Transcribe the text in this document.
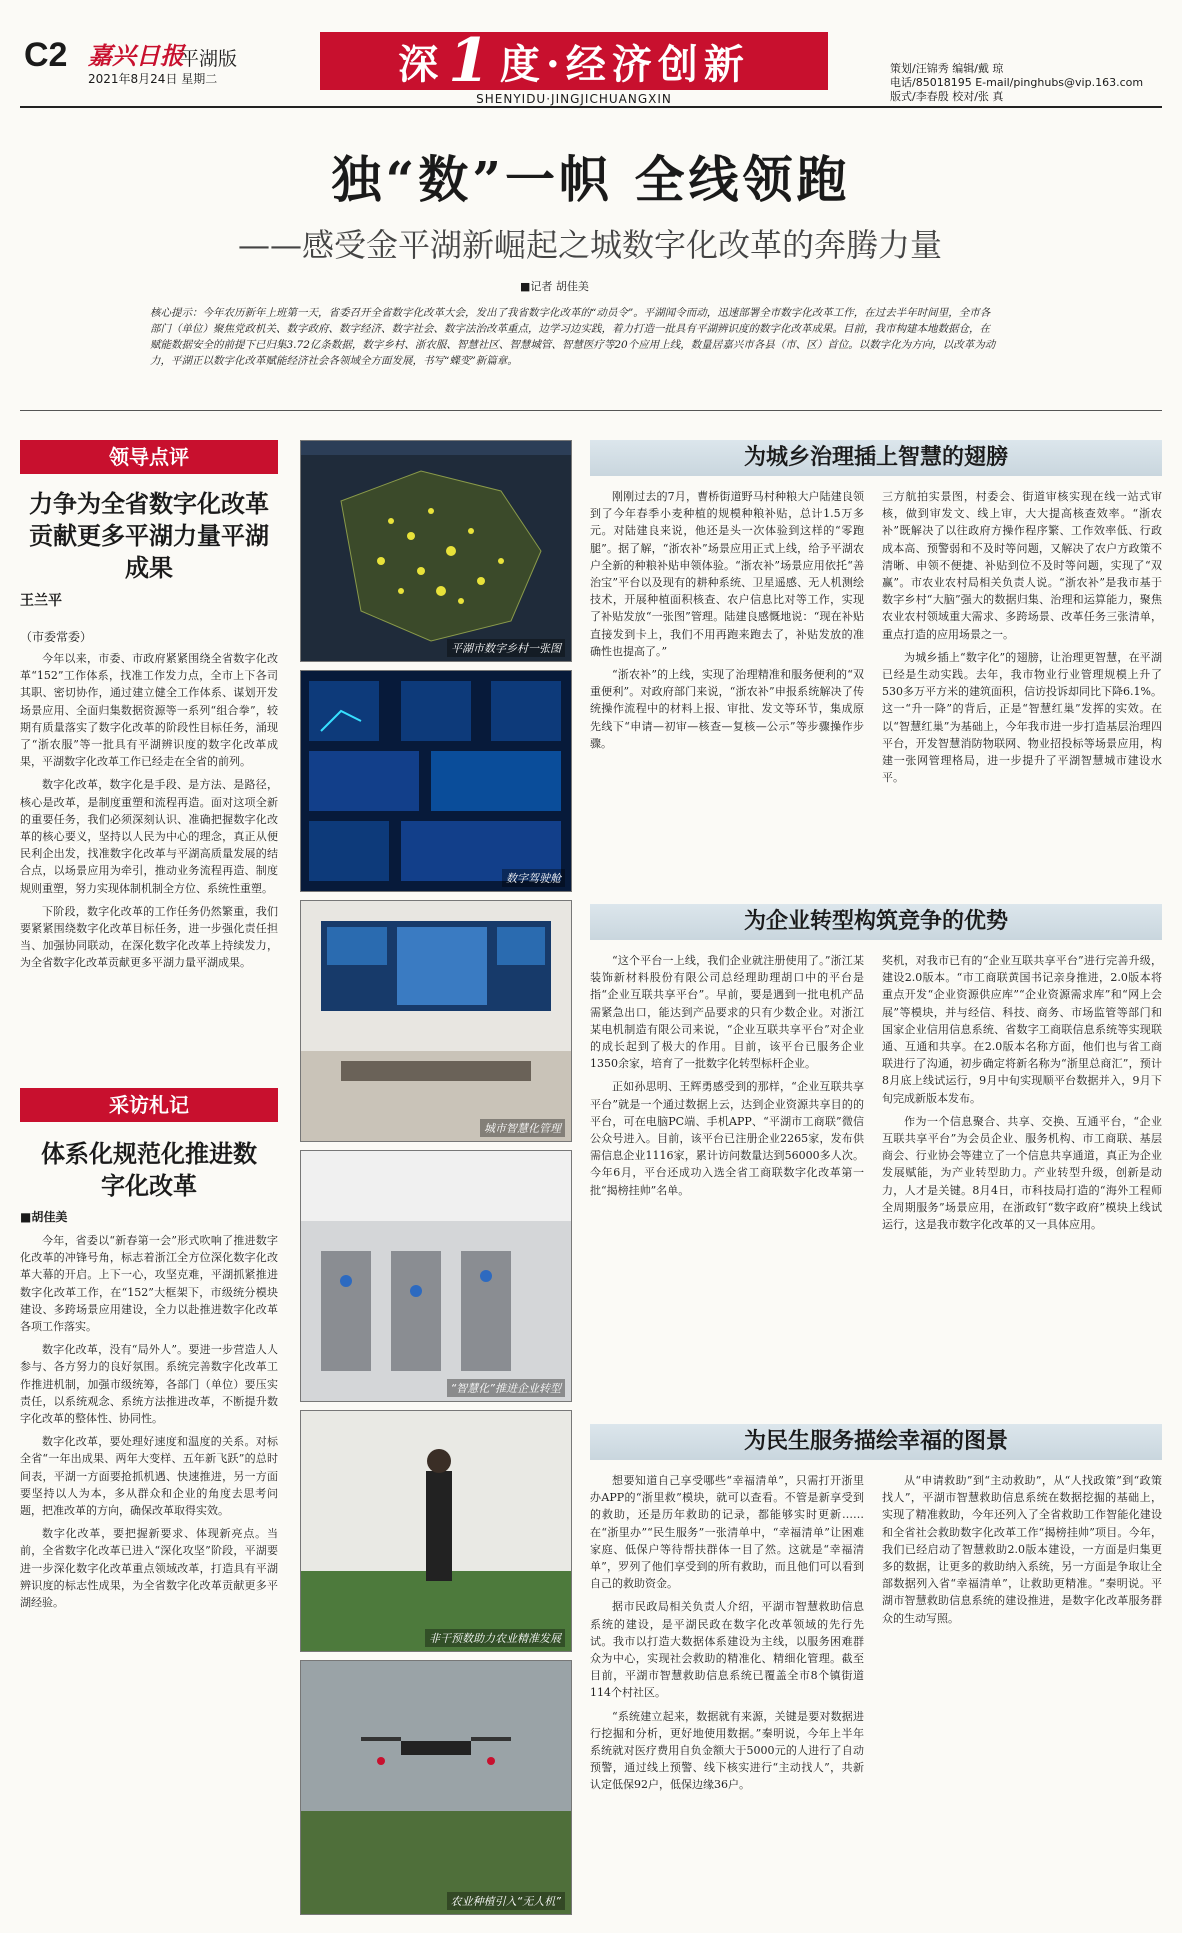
C2 嘉兴日报
平湖版
2021年8月24日 星期二	深 1 度·经济创新
SHENYIDU·JINGJICHUANGXIN
策划/汪锦秀 编辑/戴 琼
电话/85018195 E-mail/pinghubs@vip.163.com
版式/李春殷 校对/张 真
独“数”一帜 全线领跑
——感受金平湖新崛起之城数字化改革的奔腾力量
■记者 胡佳美
核心提示：今年农历新年上班第一天，省委召开全省数字化改革大会，发出了我省数字化改革的“动员令”。平湖闻令而动，迅速部署全市数字化改革工作，在过去半年时间里，全市各部门（单位）聚焦党政机关、数字政府、数字经济、数字社会、数字法治改革重点，边学习边实践，着力打造一批具有平湖辨识度的数字化改革成果。目前，我市构建本地数据仓，在赋能数据安全的前提下已归集3.72亿条数据，数字乡村、浙农服、智慧社区、智慧城管、智慧医疗等20个应用上线，数量居嘉兴市各县（市、区）首位。以数字化为方向，以改革为动力，平湖正以数字化改革赋能经济社会各领域全方面发展，书写“蝶变”新篇章。
领导点评
力争为全省数字化改革贡献更多平湖力量平湖成果
王兰平
（市委常委）

今年以来，市委、市政府紧紧围绕全省数字化改革“152”工作体系，找准工作发力点，全市上下各司其职、密切协作，通过建立健全工作体系、谋划开发场景应用、全面归集数据资源等一系列“组合拳”，较期有质量落实了数字化改革的阶段性目标任务，涌现了“浙农服”等一批具有平湖辨识度的数字化改革成果，平湖数字化改革工作已经走在全省的前列。

数字化改革，数字化是手段、是方法、是路径，核心是改革，是制度重塑和流程再造。面对这项全新的重要任务，我们必须深刻认识、准确把握数字化改革的核心要义，坚持以人民为中心的理念，真正从便民利企出发，找准数字化改革与平湖高质量发展的结合点，以场景应用为牵引，推动业务流程再造、制度规则重塑，努力实现体制机制全方位、系统性重塑。

下阶段，数字化改革的工作任务仍然繁重，我们要紧紧围绕数字化改革目标任务，进一步强化责任担当、加强协同联动，在深化数字化改革上持续发力，为全省数字化改革贡献更多平湖力量平湖成果。

采访札记
体系化规范化推进数字化改革
■胡佳美

今年，省委以“新春第一会”形式吹响了推进数字化改革的冲锋号角，标志着浙江全方位深化数字化改革大幕的开启。上下一心，攻坚克难，平湖抓紧推进数字化改革工作，在“152”大框架下，市级统分模块建设、多跨场景应用建设，全力以赴推进数字化改革各项工作落实。

数字化改革，没有“局外人”。要进一步营造人人参与、各方努力的良好氛围。系统完善数字化改革工作推进机制，加强市级统筹，各部门（单位）要压实责任，以系统观念、系统方法推进改革，不断提升数字化改革的整体性、协同性。

数字化改革，要处理好速度和温度的关系。对标全省“一年出成果、两年大变样、五年新飞跃”的总时间表，平湖一方面要抢抓机遇、快速推进，另一方面要坚持以人为本，多从群众和企业的角度去思考问题，把准改革的方向，确保改革取得实效。

数字化改革，要把握新要求、体现新亮点。当前，全省数字化改革已进入“深化攻坚”阶段，平湖要进一步深化数字化改革重点领域改革，打造具有平湖辨识度的标志性成果，为全省数字化改革贡献更多平湖经验。

平湖市数字乡村一张图
数字驾驶舱
城市智慧化管理
“智慧化”推进企业转型
非干预数助力农业精准发展
农业种植引入“无人机”
为城乡治理插上智慧的翅膀

刚刚过去的7月，曹桥街道野马村种粮大户陆建良领到了今年春季小麦种植的规模种粮补贴，总计1.5万多元。对陆建良来说，他还是头一次体验到这样的“零跑腿”。据了解，“浙农补”场景应用正式上线，给予平湖农户全新的种粮补贴申领体验。“浙农补”场景应用依托“善治宝”平台以及现有的耕种系统、卫星遥感、无人机测绘技术，开展种植面积核查、农户信息比对等工作，实现了补贴发放“一张图”管理。陆建良感慨地说：“现在补贴直接发到卡上，我们不用再跑来跑去了，补贴发放的准确性也提高了。”

“浙农补”的上线，实现了治理精准和服务便利的“双重便利”。对政府部门来说，“浙农补”申报系统解决了传统操作流程中的材料上报、审批、发文等环节，集成原先线下“申请—初审—核查—复核—公示”等步骤操作步骤。

三方航拍实景图，村委会、街道审核实现在线一站式审核，做到审发文、线上审，大大提高核查效率。“浙农补”既解决了以往政府方操作程序繁、工作效率低、行政成本高、预警弱和不及时等问题，又解决了农户方政策不清晰、申领不便捷、补贴到位不及时等问题，实现了“双赢”。市农业农村局相关负责人说。“浙农补”是我市基于数字乡村“大脑”强大的数据归集、治理和运算能力，聚焦农业农村领域重大需求、多跨场景、改革任务三张清单，重点打造的应用场景之一。

为城乡插上“数字化”的翅膀，让治理更智慧，在平湖已经是生动实践。去年，我市物业行业管理规模上升了530多万平方米的建筑面积，信访投诉却同比下降6.1%。这一“升一降”的背后，正是“智慧红巢”发挥的实效。在以“智慧红巢”为基础上，今年我市进一步打造基层治理四平台，开发智慧消防物联网、物业招投标等场景应用，构建一张网管理格局，进一步提升了平湖智慧城市建设水平。

为企业转型构筑竞争的优势

“这个平台一上线，我们企业就注册使用了。”浙江某装饰新材料股份有限公司总经理助理胡口中的平台是指“企业互联共享平台”。早前，要是遇到一批电机产品需紧急出口，能达到产品要求的只有少数企业。对浙江某电机制造有限公司来说，“企业互联共享平台”对企业的成长起到了极大的作用。目前，该平台已服务企业1350余家，培育了一批数字化转型标杆企业。

正如孙思明、王辉勇感受到的那样，“企业互联共享平台”就是一个通过数据上云，达到企业资源共享目的的平台，可在电脑PC端、手机APP、“平湖市工商联”微信公众号进入。目前，该平台已注册企业2265家，发布供需信息企业1116家，累计访问数量达到56000多人次。今年6月，平台还成功入选全省工商联数字化改革第一批“揭榜挂帅”名单。

奖机，对我市已有的“企业互联共享平台”进行完善升级，建设2.0版本。“市工商联黄国书记亲身推进，2.0版本将重点开发“企业资源供应库”“企业资源需求库”和“网上会展”等模块，并与经信、科技、商务、市场监管等部门和国家企业信用信息系统、省数字工商联信息系统等实现联通、互通和共享。在2.0版本名称方面，他们也与省工商联进行了沟通，初步确定将新名称为“浙里总商汇”，预计8月底上线试运行，9月中旬实现顺平台数据并入，9月下旬完成新版本发布。

作为一个信息聚合、共享、交换、互通平台，“企业互联共享平台”为会员企业、服务机构、市工商联、基层商会、行业协会等建立了一个信息共享通道，真正为企业发展赋能，为产业转型助力。产业转型升级，创新是动力，人才是关键。8月4日，市科技局打造的“海外工程师全周期服务”场景应用，在浙政钉“数字政府”模块上线试运行，这是我市数字化改革的又一具体应用。

为民生服务描绘幸福的图景

想要知道自己享受哪些“幸福清单”，只需打开浙里办APP的“浙里救”模块，就可以查看。不管是新享受到的救助，还是历年救助的记录，都能够实时更新……在“浙里办”“民生服务”一张清单中，“幸福清单”让困难家庭、低保户等待帮扶群体一目了然。这就是“幸福清单”，罗列了他们享受到的所有救助，而且他们可以看到自己的救助资金。

据市民政局相关负责人介绍，平湖市智慧救助信息系统的建设，是平湖民政在数字化改革领域的先行先试。我市以打造大数据体系建设为主线，以服务困难群众为中心，实现社会救助的精准化、精细化管理。截至目前，平湖市智慧救助信息系统已覆盖全市8个镇街道114个村社区。

“系统建立起来，数据就有来源，关键是要对数据进行挖掘和分析，更好地使用数据。”秦明说，今年上半年系统就对医疗费用自负金额大于5000元的人进行了自动预警，通过线上预警、线下核实进行“主动找人”，共新认定低保92户，低保边缘36户。

从“申请救助”到“主动救助”，从“人找政策”到“政策找人”，平湖市智慧救助信息系统在数据挖掘的基础上，实现了精准救助，今年还列入了全省救助工作智能化建设和全省社会救助数字化改革工作“揭榜挂帅”项目。今年，我们已经启动了智慧救助2.0版本建设，一方面是归集更多的数据，让更多的救助纳入系统，另一方面是争取让全部数据列入省“幸福清单”，让救助更精准。“秦明说。平湖市智慧救助信息系统的建设推进，是数字化改革服务群众的生动写照。
